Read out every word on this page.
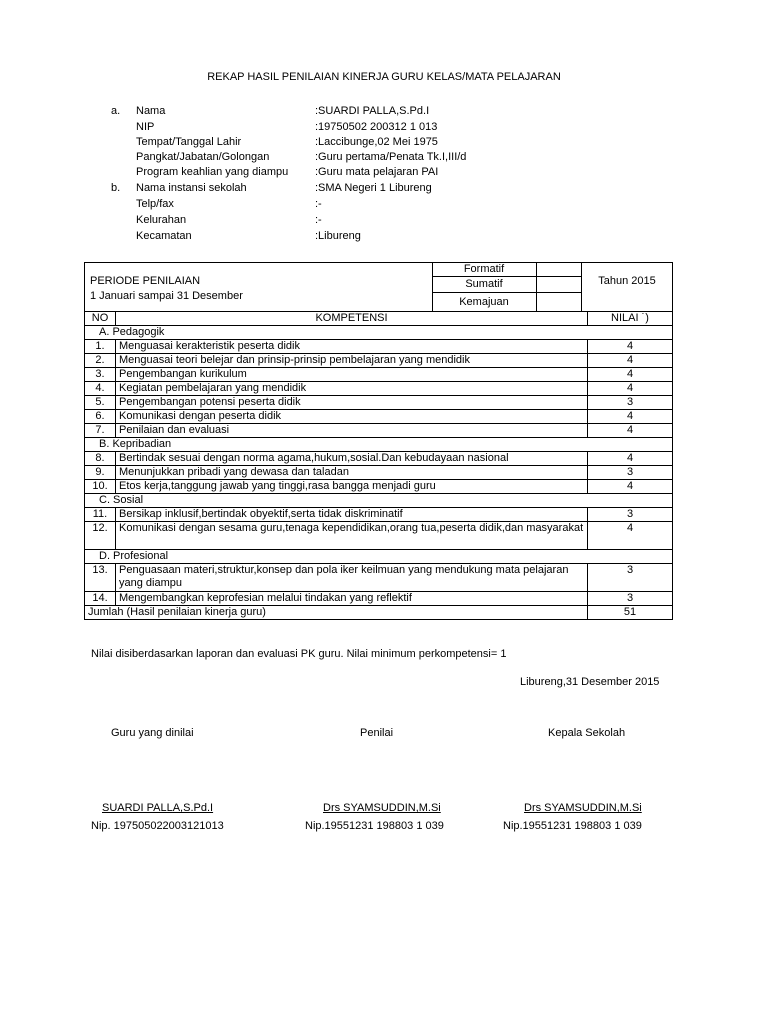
REKAP HASIL PENILAIAN KINERJA GURU KELAS/MATA PELAJARAN
a. Nama	:SUARDI PALLA,S.Pd.I
NIP	:19750502 200312 1 013
Tempat/Tanggal Lahir	:Laccibunge,02 Mei 1975
Pangkat/Jabatan/Golongan	:Guru pertama/Penata Tk.I,III/d
Program keahlian yang diampu :Guru mata pelajaran PAI
b. Nama instansi sekolah	:SMA Negeri 1 Libureng
Telp/fax	:-
Kelurahan	:-
Kecamatan	:Libureng
PERIODE PENILAIAN
1 Januari sampai 31 Desember
Formatif
Sumatif
Kemajuan
Tahun 2015
NO	KOMPETENSI	NILAI ˙)
A. Pedagogik		
1.	Menguasai kerakteristik peserta didik	4
2.	Menguasai teori belejar dan prinsip-prinsip pembelajaran yang mendidik	4
3.	Pengembangan kurikulum	4
4.	Kegiatan pembelajaran yang mendidik	4
5.	Pengembangan potensi peserta didik	3
6.	Komunikasi dengan peserta didik	4
7.	Penilaian dan evaluasi	4
B. Kepribadian		
8.	Bertindak sesuai dengan norma agama,hukum,sosial.Dan kebudayaan nasional	4
9.	Menunjukkan pribadi yang dewasa dan taladan	3
10.	Etos kerja,tanggung jawab yang tinggi,rasa bangga menjadi guru	4
C. Sosial		
11.	Bersikap inklusif,bertindak obyektif,serta tidak diskriminatif	3
12.	Komunikasi dengan sesama guru,tenaga kependidikan,orang tua,peserta didik,dan masyarakat	4
D. Profesional		
13.	Penguasaan materi,struktur,konsep dan pola iker keilmuan yang mendukung mata pelajaran yang diampu	3
14.	Mengembangkan keprofesian melalui tindakan yang reflektif	3
Jumlah (Hasil penilaian kinerja guru)		51
Nilai disiberdasarkan laporan dan evaluasi PK guru. Nilai minimum perkompetensi= 1
Libureng,31 Desember 2015
Guru yang dinilai	Penilai	Kepala Sekolah
SUARDI PALLA,S.Pd.I	Drs SYAMSUDDIN,M.Si	Drs SYAMSUDDIN,M.Si
Nip. 197505022003121013	Nip.19551231 198803 1 039	Nip.19551231 198803 1 039
